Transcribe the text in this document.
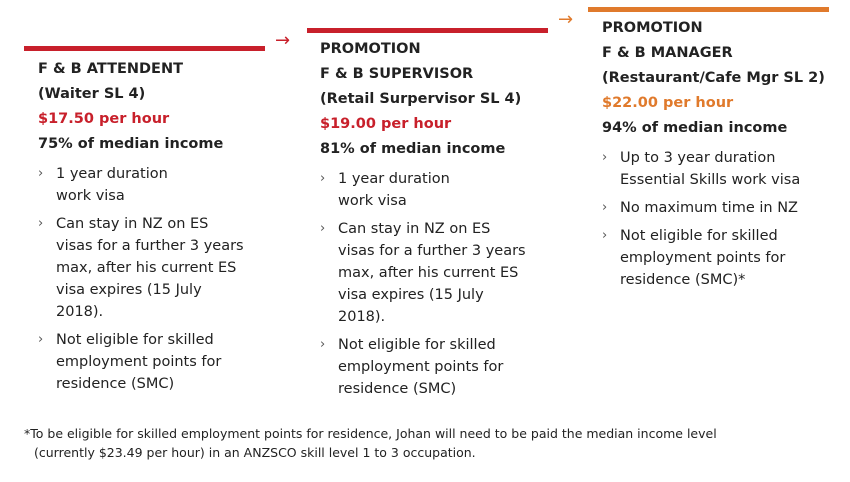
→
→
F & B ATTENDENT
(Waiter SL 4)
$17.50 per hour
75% of median income
› 1 year duration work visa
› Can stay in NZ on ES visas for a further 3 years max, after his current ES visa expires (15 July 2018).
› Not eligible for skilled employment points for residence (SMC)
PROMOTION
F & B SUPERVISOR
(Retail Surpervisor SL 4)
$19.00 per hour
81% of median income
› 1 year duration work visa
› Can stay in NZ on ES visas for a further 3 years max, after his current ES visa expires (15 July 2018).
› Not eligible for skilled employment points for residence (SMC)
PROMOTION
F & B MANAGER
(Restaurant/Cafe Mgr SL 2)
$22.00 per hour
94% of median income
› Up to 3 year duration Essential Skills work visa
› No maximum time in NZ
› Not eligible for skilled employment points for residence (SMC)*
*To be eligible for skilled employment points for residence, Johan will need to be paid the median income level
(currently $23.49 per hour) in an ANZSCO skill level 1 to 3 occupation.
